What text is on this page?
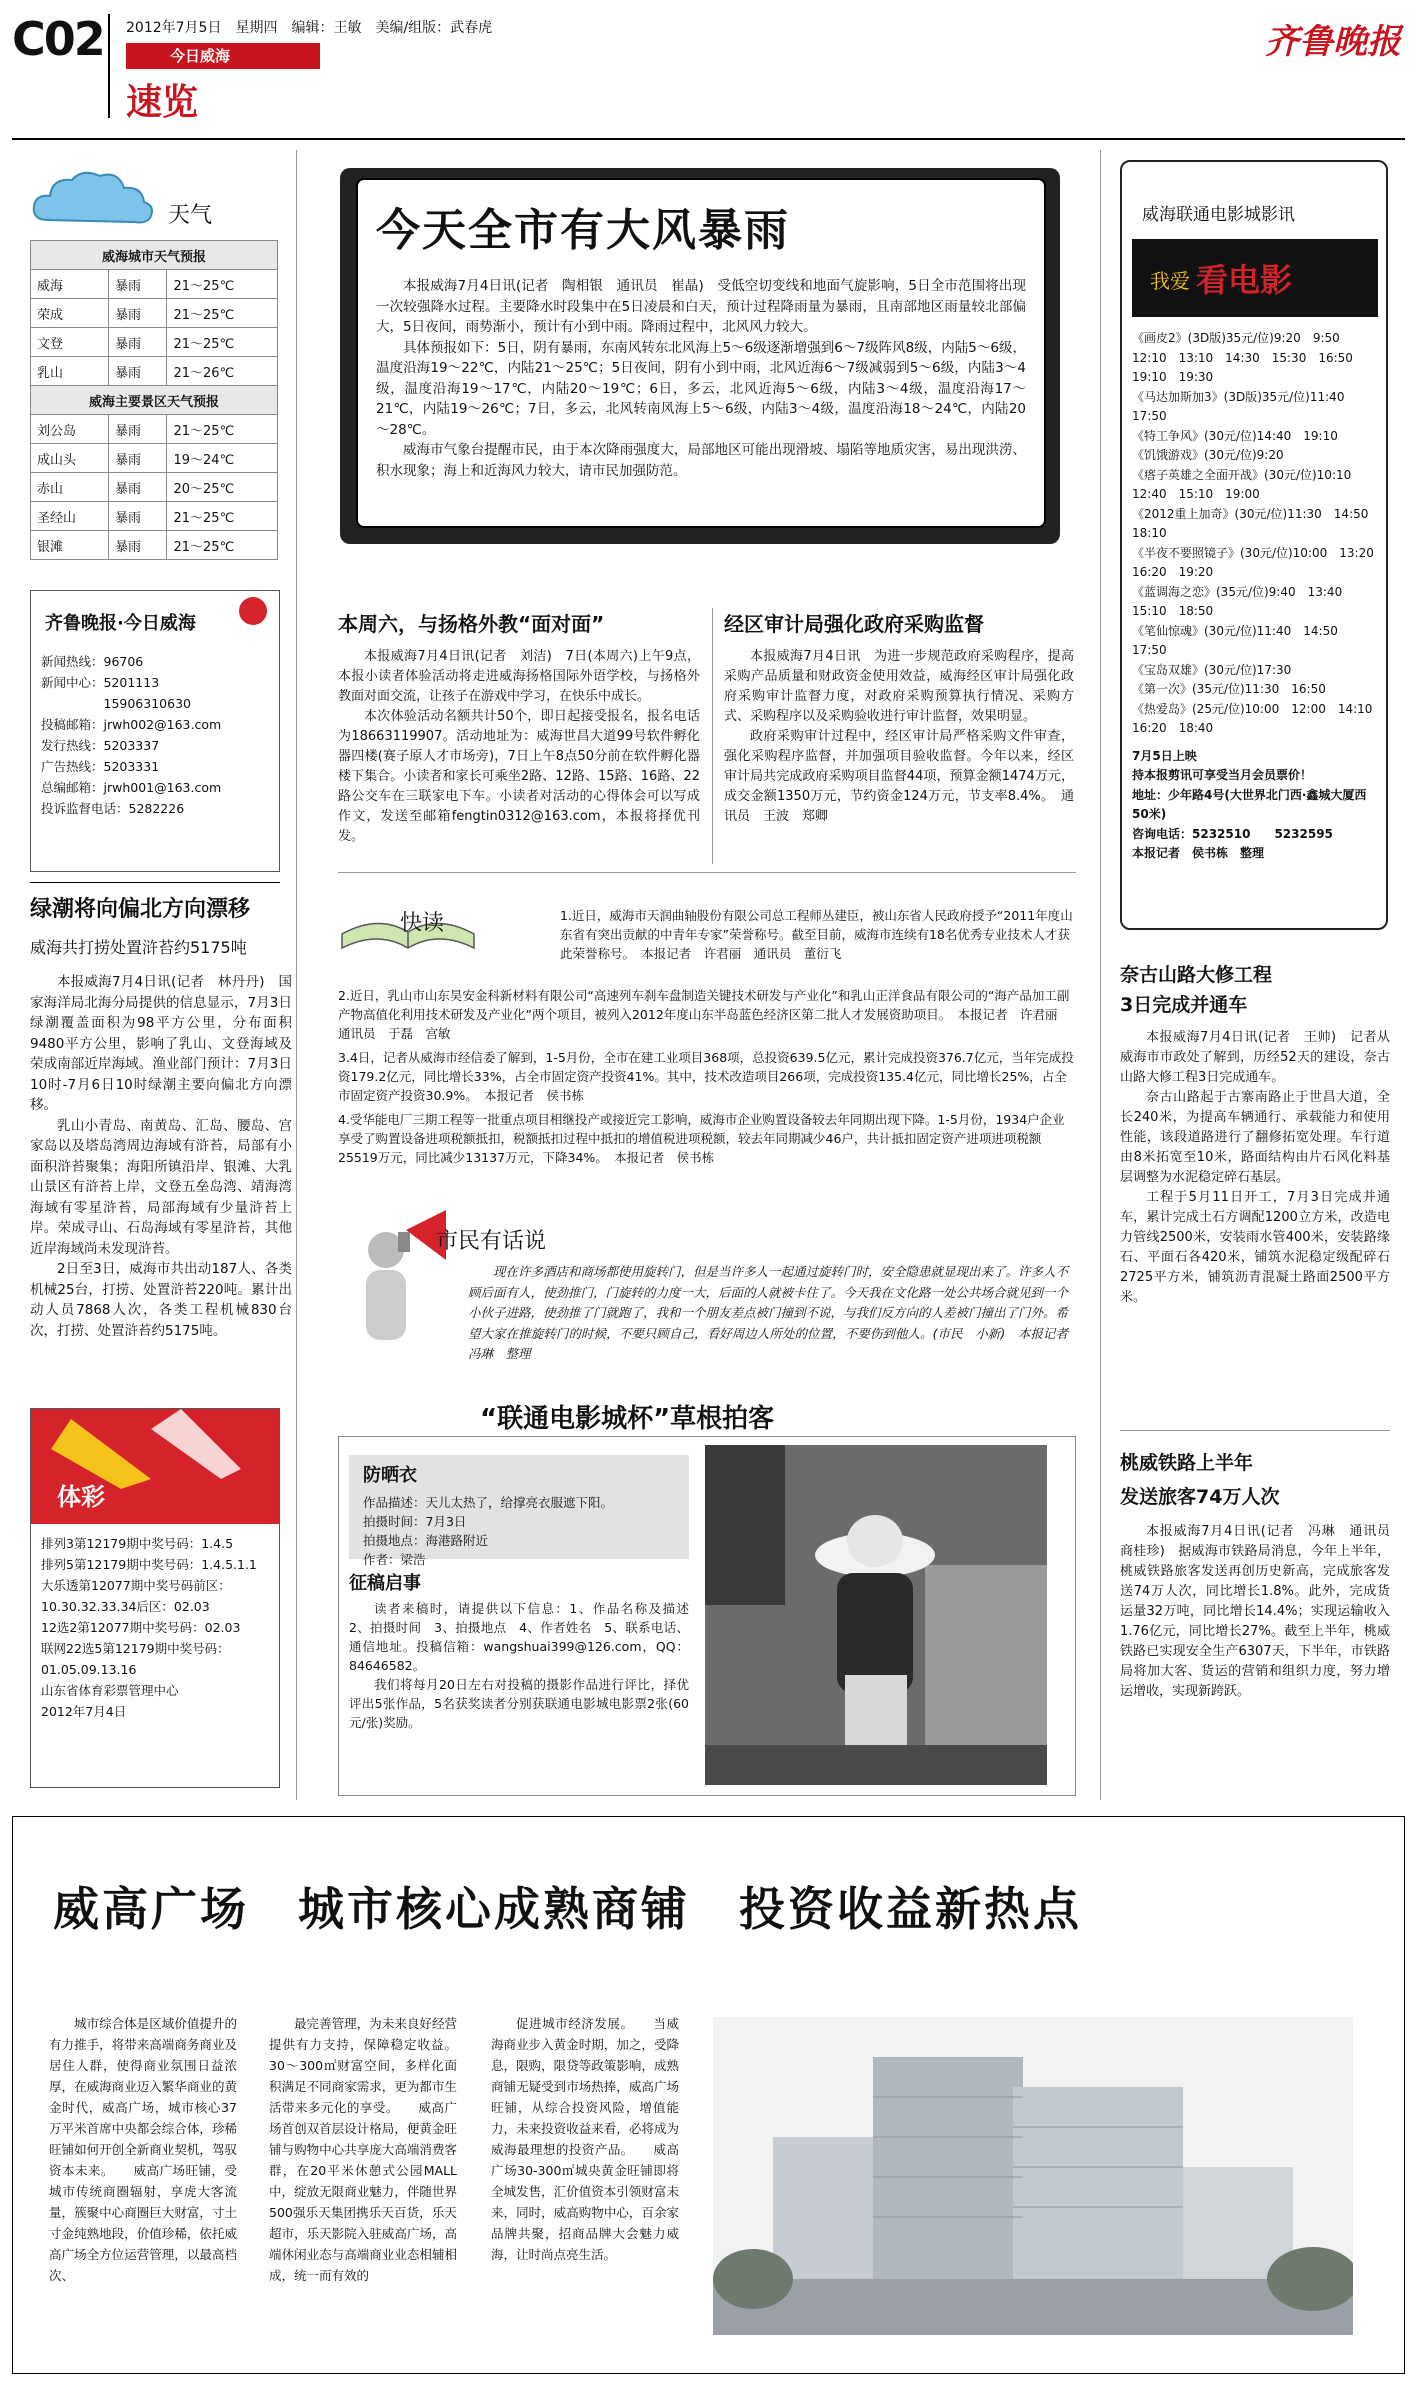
C02 2012年7月5日　 星期四　 编辑：王敏　 美编/组版：武春虎
今日威海
速览
齐鲁晚报
天气
威海城市天气预报		
威海	暴雨	21～25℃
荣成	暴雨	21～25℃
文登	暴雨	21～25℃
乳山	暴雨	21～26℃
威海主要景区天气预报		
刘公岛	暴雨	21～25℃
成山头	暴雨	19～24℃
赤山	暴雨	20～25℃
圣经山	暴雨	21～25℃
银滩	暴雨	21～25℃
齐鲁晚报·今日威海
新闻热线：96706
新闻中心：5201113
　　　　　15906310630
投稿邮箱：jrwh002@163.com
发行热线：5203337
广告热线：5203331
总编邮箱：jrwh001@163.com
投诉监督电话：5282226
绿潮将向偏北方向漂移
威海共打捞处置浒苔约5175吨

本报威海7月4日讯(记者　林丹丹)　国家海洋局北海分局提供的信息显示，7月3日绿潮覆盖面积为98平方公里，分布面积9480平方公里，影响了乳山、文登海域及荣成南部近岸海域。渔业部门预计：7月3日10时-7月6日10时绿潮主要向偏北方向漂移。

乳山小青岛、南黄岛、汇岛、腰岛、宫家岛以及塔岛湾周边海域有浒苔，局部有小面积浒苔聚集；海阳所镇沿岸、银滩、大乳山景区有浒苔上岸，文登五垒岛湾、靖海湾海域有零星浒苔，局部海域有少量浒苔上岸。荣成寻山、石岛海域有零星浒苔，其他近岸海域尚未发现浒苔。

2日至3日，威海市共出动187人、各类机械25台，打捞、处置浒苔220吨。累计出动人员7868人次，各类工程机械830台次，打捞、处置浒苔约5175吨。

体彩
排列3第12179期中奖号码：1.4.5
排列5第12179期中奖号码：1.4.5.1.1
大乐透第12077期中奖号码前区：10.30.32.33.34后区：02.03
12选2第12077期中奖号码：02.03
联网22选5第12179期中奖号码：01.05.09.13.16
山东省体育彩票管理中心
2012年7月4日
今天全市有大风暴雨

本报威海7月4日讯(记者　陶相银　通讯员　崔晶)　受低空切变线和地面气旋影响，5日全市范围将出现一次较强降水过程。主要降水时段集中在5日凌晨和白天，预计过程降雨量为暴雨，且南部地区雨量较北部偏大，5日夜间，雨势渐小，预计有小到中雨。降雨过程中，北风风力较大。

具体预报如下：5日，阴有暴雨，东南风转东北风海上5～6级逐渐增强到6～7级阵风8级，内陆5～6级，温度沿海19～22℃，内陆21～25℃；5日夜间，阴有小到中雨，北风近海6～7级减弱到5～6级，内陆3～4级，温度沿海19～17℃，内陆20～19℃；6日，多云，北风近海5～6级，内陆3～4级，温度沿海17～21℃，内陆19～26℃；7日，多云，北风转南风海上5～6级，内陆3～4级，温度沿海18～24℃，内陆20～28℃。

威海市气象台提醒市民，由于本次降雨强度大，局部地区可能出现滑坡、塌陷等地质灾害，易出现洪涝、积水现象；海上和近海风力较大，请市民加强防范。

本周六，与扬格外教“面对面”

本报威海7月4日讯(记者　刘洁)　7日(本周六)上午9点，本报小读者体验活动将走进威海扬格国际外语学校，与扬格外教面对面交流，让孩子在游戏中学习，在快乐中成长。

本次体验活动名额共计50个，即日起接受报名，报名电话为18663119907。活动地址为：威海世昌大道99号软件孵化器四楼(赛子原人才市场旁)，7日上午8点50分前在软件孵化器楼下集合。小读者和家长可乘坐2路、12路、15路、16路、22路公交车在三联家电下车。小读者对活动的心得体会可以写成作文，发送至邮箱fengtin0312@163.com，本报将择优刊发。

经区审计局强化政府采购监督

本报威海7月4日讯　为进一步规范政府采购程序，提高采购产品质量和财政资金使用效益，威海经区审计局强化政府采购审计监督力度，对政府采购预算执行情况、采购方式、采购程序以及采购验收进行审计监督，效果明显。

政府采购审计过程中，经区审计局严格采购文件审查，强化采购程序监督，并加强项目验收监督。今年以来，经区审计局共完成政府采购项目监督44项，预算金额1474万元，成交金额1350万元，节约资金124万元，节支率8.4%。　通讯员　王波　郑卿

快读	1.近日，威海市天润曲轴股份有限公司总工程师丛建臣，被山东省人民政府授予“2011年度山东省有突出贡献的中青年专家”荣誉称号。截至目前，威海市连续有18名优秀专业技术人才获此荣誉称号。　本报记者　许君丽　通讯员　董衍飞
2.近日，乳山市山东昊安金科新材料有限公司“高速列车刹车盘制造关键技术研发与产业化”和乳山正洋食品有限公司的“海产品加工副产物高值化利用技术研发及产业化”两个项目，被列入2012年度山东半岛蓝色经济区第二批人才发展资助项目。　本报记者　许君丽　通讯员　于磊　宫敏
3.4日，记者从威海市经信委了解到，1-5月份，全市在建工业项目368项，总投资639.5亿元，累计完成投资376.7亿元，当年完成投资179.2亿元，同比增长33%，占全市固定资产投资41%。其中，技术改造项目266项，完成投资135.4亿元，同比增长25%，占全市固定资产投资30.9%。　本报记者　侯书栋
4.受华能电厂三期工程等一批重点项目相继投产或接近完工影响，威海市企业购置设备较去年同期出现下降。1-5月份，1934户企业享受了购置设备进项税额抵扣，税额抵扣过程中抵扣的增值税进项税额，较去年同期减少46户，共计抵扣固定资产进项进项税额25519万元，同比减少13137万元，下降34%。　本报记者　侯书栋
市民有话说
现在许多酒店和商场都使用旋转门，但是当许多人一起通过旋转门时，安全隐患就显现出来了。许多人不顾后面有人，使劲推门，门旋转的力度一大，后面的人就被卡住了。今天我在文化路一处公共场合就见到一个小伙子进路，使劲推了门就跑了，我和一个朋友差点被门撞到不说，与我们反方向的人差被门撞出了门外。希望大家在推旋转门的时候，不要只顾自己，看好周边人所处的位置，不要伤到他人。(市民　小新)　本报记者　冯琳　整理
“联通电影城杯”草根拍客
防晒衣
作品描述：天儿太热了，给撑亮衣服遮下阳。
拍摄时间：7月3日
拍摄地点：海港路附近
作者：梁浩
征稿启事

读者来稿时，请提供以下信息：1、作品名称及描述　2、拍摄时间　3、拍摄地点　4、作者姓名　5、联系电话、通信地址。投稿信箱：wangshuai399@126.com，QQ：84646582。

我们将每月20日左右对投稿的摄影作品进行评比，择优评出5张作品，5名获奖读者分别获联通电影城电影票2张(60元/张)奖励。

威海联通电影城影讯
我爱 看电影
《画皮2》(3D版)35元/位)9:20　9:50　12:10　13:10　14:30　15:30　16:50　19:10　19:30
《马达加斯加3》(3D版)35元/位)11:40　17:50
《特工争风》(30元/位)14:40　19:10
《饥饿游戏》(30元/位)9:20
《瘩子英雄之全面开战》(30元/位)10:10　12:40　15:10　19:00
《2012重上加奇》(30元/位)11:30　14:50　18:10
《半夜不要照镜子》(30元/位)10:00　13:20　16:20　19:20
《蓝调海之恋》(35元/位)9:40　13:40　15:10　18:50
《笔仙惊魂》(30元/位)11:40　14:50　17:50
《宝岛双雄》(30元/位)17:30
《第一次》(35元/位)11:30　16:50
《热爱岛》(25元/位)10:00　12:00　14:10　16:20　18:40
7月5日上映
持本报剪讯可享受当月会员票价！
地址：少年路4号(大世界北门西·鑫城大厦西50米)
咨询电话：5232510　　5232595
本报记者　侯书栋　整理
奈古山路大修工程
3日完成并通车

本报威海7月4日讯(记者　王帅)　记者从威海市市政处了解到，历经52天的建设，奈古山路大修工程3日完成通车。

奈古山路起于古寨南路止于世昌大道，全长240米，为提高车辆通行、承载能力和使用性能，该段道路进行了翻修拓宽处理。车行道由8米拓宽至10米，路面结构由片石风化料基层调整为水泥稳定碎石基层。

工程于5月11日开工，7月3日完成并通车，累计完成土石方调配1200立方米，改造电力管线2500米，安装雨水管400米，安装路缘石、平面石各420米，铺筑水泥稳定级配碎石2725平方米，铺筑沥青混凝土路面2500平方米。

桃威铁路上半年
发送旅客74万人次

本报威海7月4日讯(记者　冯琳　通讯员　商桂珍)　据威海市铁路局消息，今年上半年，桃威铁路旅客发送再创历史新高，完成旅客发送74万人次，同比增长1.8%。此外，完成货运量32万吨，同比增长14.4%；实现运输收入1.76亿元，同比增长27%。截至上半年，桃威铁路已实现安全生产6307天，下半年，市铁路局将加大客、货运的营销和组织力度，努力增运增收，实现新跨跃。

威高广场　城市核心成熟商铺　投资收益新热点

城市综合体是区域价值提升的有力推手，将带来高端商务商业及居住人群，使得商业氛围日益浓厚，在威海商业迈入繁华商业的黄金时代，威高广场，城市核心37万平米首席中央都会综合体，珍稀旺铺如何开创全新商业契机，驾驭资本未来。　　威高广场旺铺，受城市传统商圈辐射，享虎大客流量，簇聚中心商圈巨大财富，寸土寸金纯熟地段，价值珍稀，依托威高广场全方位运营管理，以最高档次、

最完善管理，为未来良好经营提供有力支持，保障稳定收益。30～300㎡财富空间，多样化面积满足不同商家需求，更为都市生活带来多元化的享受。　　威高广场首创双首层设计格局，便黄金旺铺与购物中心共享庞大高端消费客群，在20平米休憩式公园MALL中，绽放无限商业魅力，伴随世界500强乐天集团携乐天百货，乐天超市，乐天影院入驻威高广场，高端休闲业态与高端商业业态相辅相成，统一而有效的

促进城市经济发展。　　当威海商业步入黄金时期，加之，受降息，限购，限贷等政策影响，成熟商铺无疑受到市场热捧，威高广场旺铺，从综合投资风险，增值能力，未来投资收益来看，必将成为威海最理想的投资产品。　　威高广场30-300㎡城央黄金旺铺即将全城发售，汇价值资本引领财富未来，同时，威高购物中心，百余家品牌共聚，招商品牌大会魅力威海，让时尚点亮生活。
